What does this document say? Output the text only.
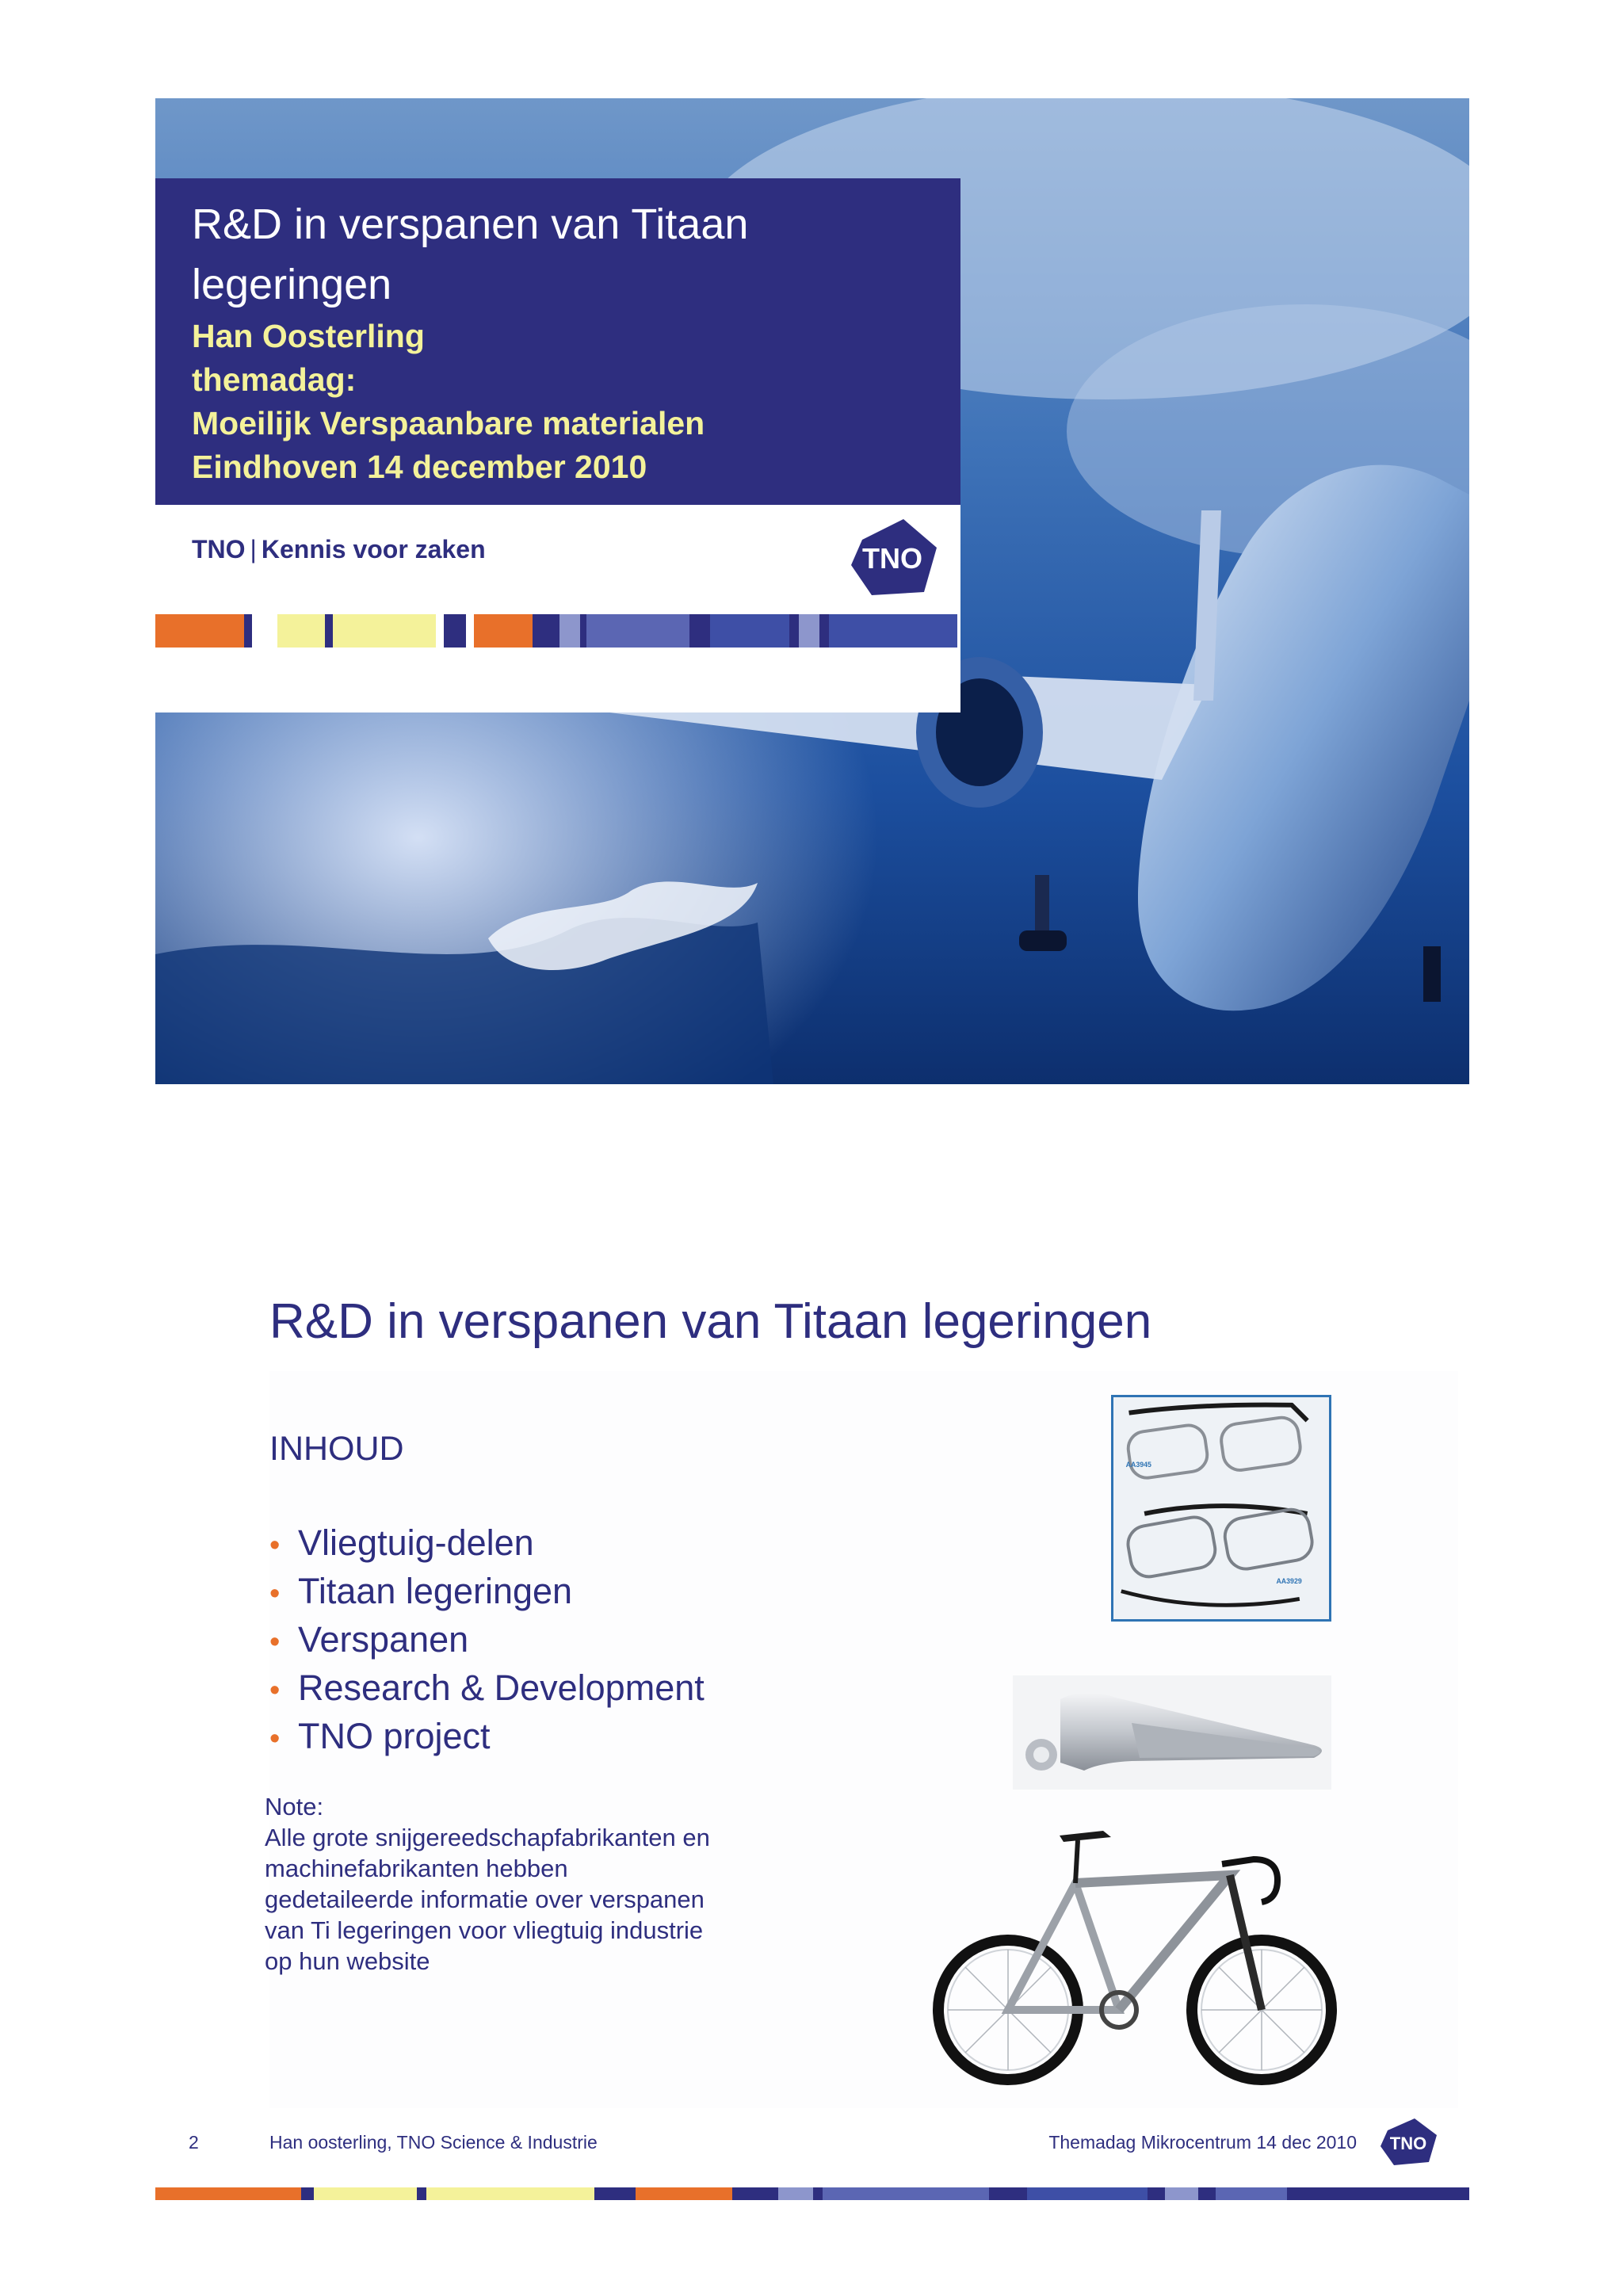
R&D in verspanen van Titaan legeringen
Han Oosterling
themadag:
Moeilijk Verspaanbare materialen
Eindhoven 14 december 2010
TNO | Kennis voor zaken	TNO
R&D in verspanen van Titaan legeringen
INHOUD
• Vliegtuig-delen
• Titaan legeringen
• Verspanen
• Research & Development
• TNO project
Note:
Alle grote snijgereedschapfabrikanten en
machinefabrikanten hebben
gedetaileerde informatie over verspanen
van Ti legeringen voor vliegtuig industrie
op hun website
AA3945
AA3929
2	Han oosterling, TNO Science & Industrie	Themadag Mikrocentrum 14 dec 2010 TNO
